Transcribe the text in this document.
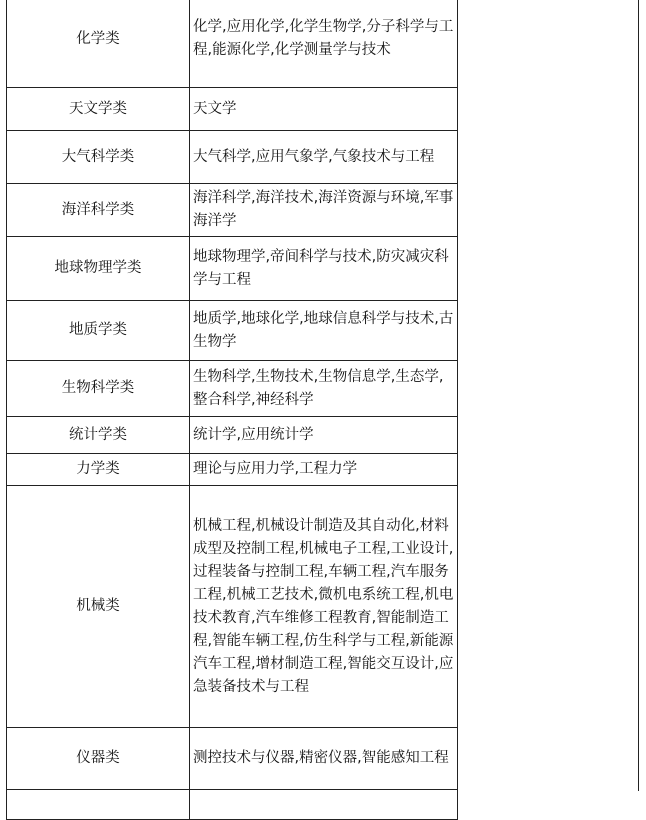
化学类	化学,应用化学,化学生物学,分子科学与工程,能源化学,化学测量学与技术

天文学类	天文学

大气科学类	大气科学,应用气象学,气象技术与工程

海洋科学类	海洋科学,海洋技术,海洋资源与环境,军事海洋学

地球物理学类	地球物理学,帝间科学与技术,防灾减灾科学与工程

地质学类	地质学,地球化学,地球信息科学与技术,古生物学

生物科学类	生物科学,生物技术,生物信息学,生态学,整合科学,神经科学

统计学类	统计学,应用统计学

力学类	理论与应用力学,工程力学

机械类	机械工程,机械设计制造及其自动化,材料成型及控制工程,机械电子工程,工业设计,过程装备与控制工程,车辆工程,汽车服务工程,机械工艺技术,微机电系统工程,机电技术教育,汽车维修工程教育,智能制造工程,智能车辆工程,仿生科学与工程,新能源汽车工程,增材制造工程,智能交互设计,应急装备技术与工程

仪器类	测控技术与仪器,精密仪器,智能感知工程
